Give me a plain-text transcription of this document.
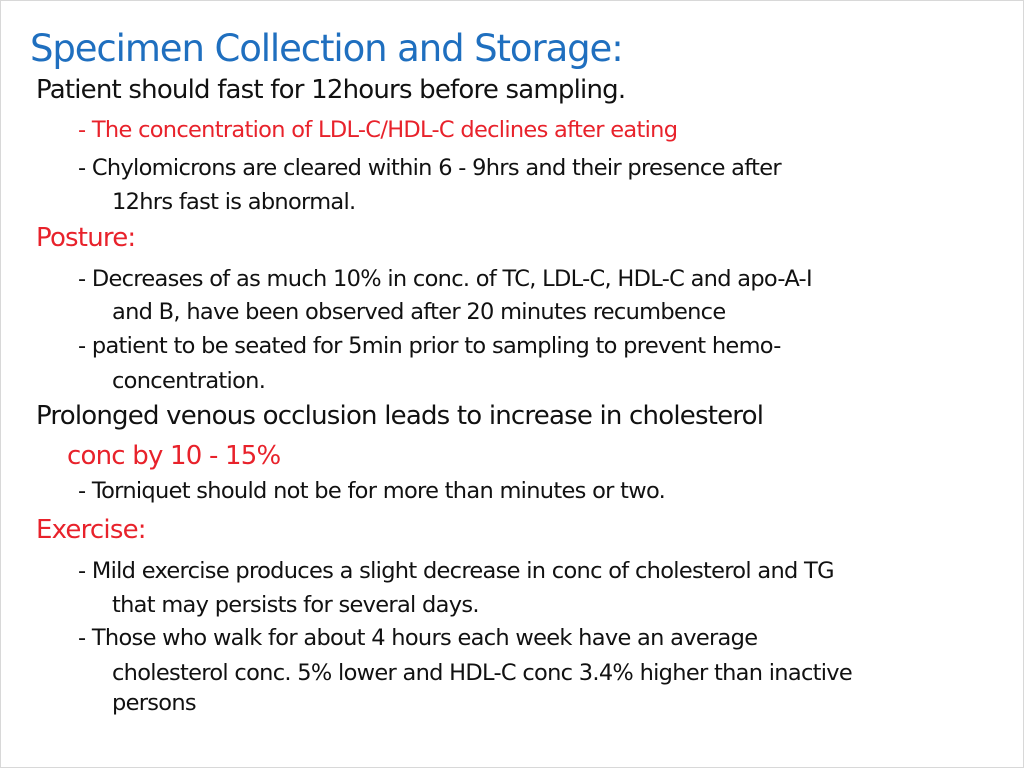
Specimen Collection and Storage:
Patient should fast for 12hours before sampling.
- The concentration of LDL-C/HDL-C declines after eating
- Chylomicrons are cleared within 6 - 9hrs and their presence after
12hrs fast is abnormal.
Posture:
- Decreases of as much 10% in conc. of TC, LDL-C, HDL-C and apo-A-I
and B, have been observed after 20 minutes recumbence
- patient to be seated for 5min prior to sampling to prevent hemo-
concentration.
Prolonged venous occlusion leads to increase in cholesterol
conc by 10 - 15%
- Torniquet should not be for more than minutes or two.
Exercise:
- Mild exercise produces a slight decrease in conc of cholesterol and TG
that may persists for several days.
- Those who walk for about 4 hours each week have an average
cholesterol conc. 5% lower and HDL-C conc 3.4% higher than inactive
persons
